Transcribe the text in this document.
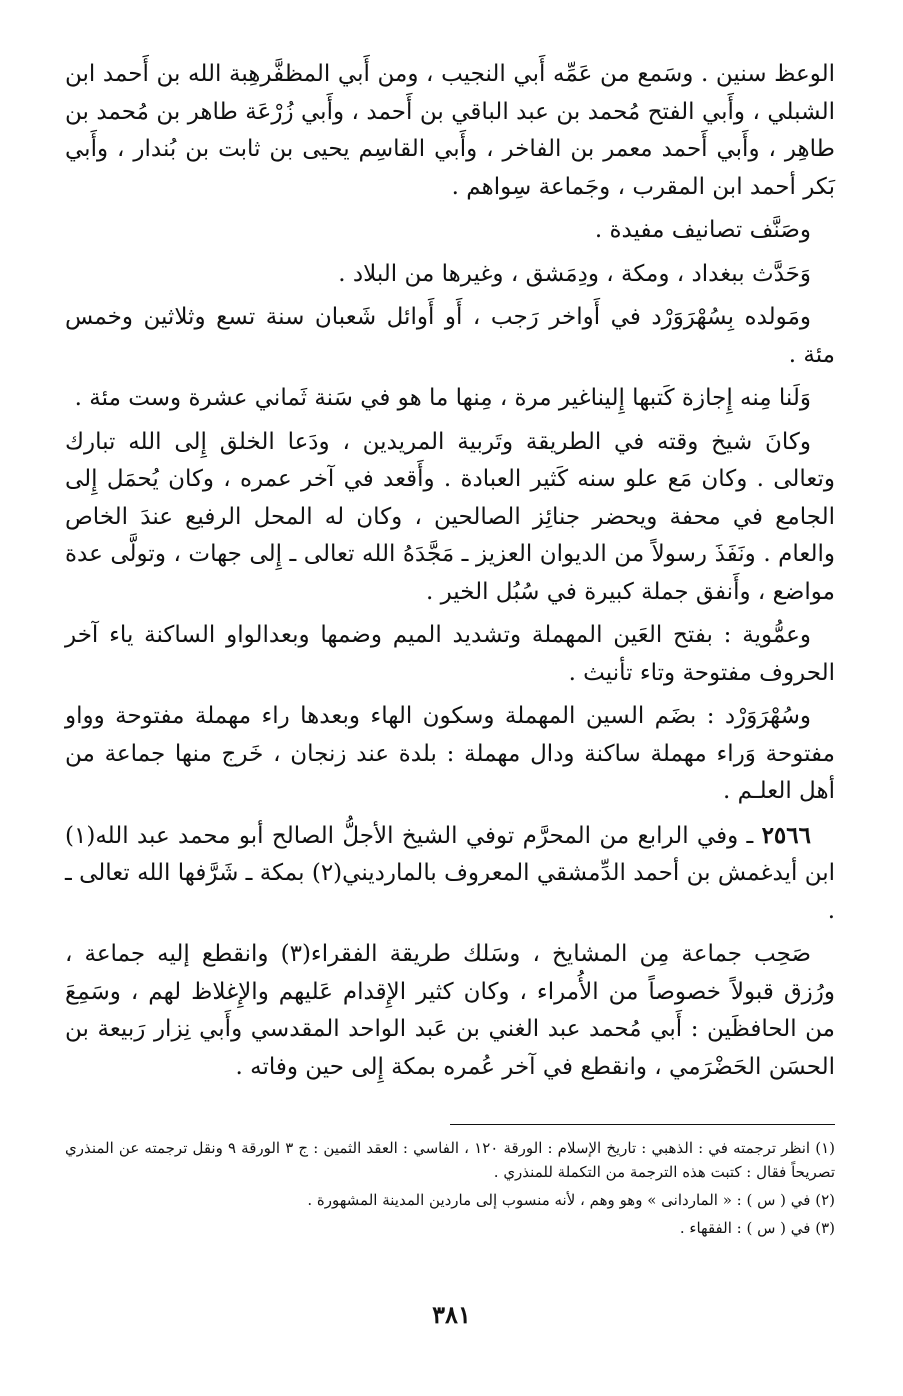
الوعظ سنين . وسَمع من عَمِّه أَبي النجيب ، ومن أَبي المظفَّرهِبة الله بن أَحمد ابن الشبلي ، وأَبي الفتح مُحمد بن عبد الباقي بن أَحمد ، وأَبي زُرْعَة طاهر بن مُحمد بن طاهِر ، وأَبي أَحمد معمر بن الفاخر ، وأَبي القاسِم يحيى بن ثابت بن بُندار ، وأَبي بَكر أحمد ابن المقرب ، وجَماعة سِواهم .

وصَنَّف تصانيف مفيدة .

وَحَدَّث ببغداد ، ومكة ، ودِمَشق ، وغيرها من البلاد .

ومَولده بِسُهْرَوَرْد في أَواخر رَجب ، أَو أَوائل شَعبان سنة تسع وثلاثين وخمس مئة .

وَلَنا مِنه إِجازة كَتبها إِليناغير مرة ، مِنها ما هو في سَنة ثَماني عشرة وست مئة .

وكانَ شيخ وقته في الطريقة وتَربية المريدين ، ودَعا الخلق إِلى الله تبارك وتعالى . وكان مَع علو سنه كَثير العبادة . وأَقعد في آخر عمره ، وكان يُحمَل إِلى الجامع في محفة ويحضر جنائِز الصالحين ، وكان له المحل الرفيع عندَ الخاص والعام . ونَفَذَ رسولاً من الديوان العزيز ـ مَجَّدَهُ الله تعالى ـ إِلى جهات ، وتولَّى عدة مواضع ، وأَنفق جملة كبيرة في سُبُل الخير .

وعمُّوية : بفتح العَين المهملة وتشديد الميم وضمها وبعدالواو الساكنة ياء آخر الحروف مفتوحة وتاء تأنيث .

وسُهْرَوَرْد : بضَم السين المهملة وسكون الهاء وبعدها راء مهملة مفتوحة وواو مفتوحة وَراء مهملة ساكنة ودال مهملة : بلدة عند زنجان ، خَرج منها جماعة من أهل العلـم .

٢٥٦٦ ـ وفي الرابع من المحرَّم توفي الشيخ الأجلُّ الصالح أبو محمد عبد الله(١) ابن أيدغمش بن أحمد الدِّمشقي المعروف بالمارديني(٢) بمكة ـ شَرَّفها الله تعالى ـ .

صَحِب جماعة مِن المشايخ ، وسَلك طريقة الفقراء(٣) وانقطع إليه جماعة ، ورُزق قبولاً خصوصاً من الأُمراء ، وكان كثير الإِقدام عَليهم والإِغلاظ لهم ، وسَمِعَ من الحافظَين : أَبي مُحمد عبد الغني بن عَبد الواحد المقدسي وأَبي نِزار رَبيعة بن الحسَن الحَضْرَمي ، وانقطع في آخر عُمره بمكة إِلى حين وفاته .

(١) انظر ترجمته في : الذهبي : تاريخ الإسلام : الورقة ١٢٠ ، الفاسي : العقد الثمين : ج ٣ الورقة ٩ ونقل ترجمته عن المنذري تصريحاً فقال : كتبت هذه الترجمة من التكملة للمنذري .

(٢) في ( س ) : « الماردانى » وهو وهم ، لأنه منسوب إلى ماردين المدينة المشهورة .

(٣) في ( س ) : الفقهاء .

٣٨١
